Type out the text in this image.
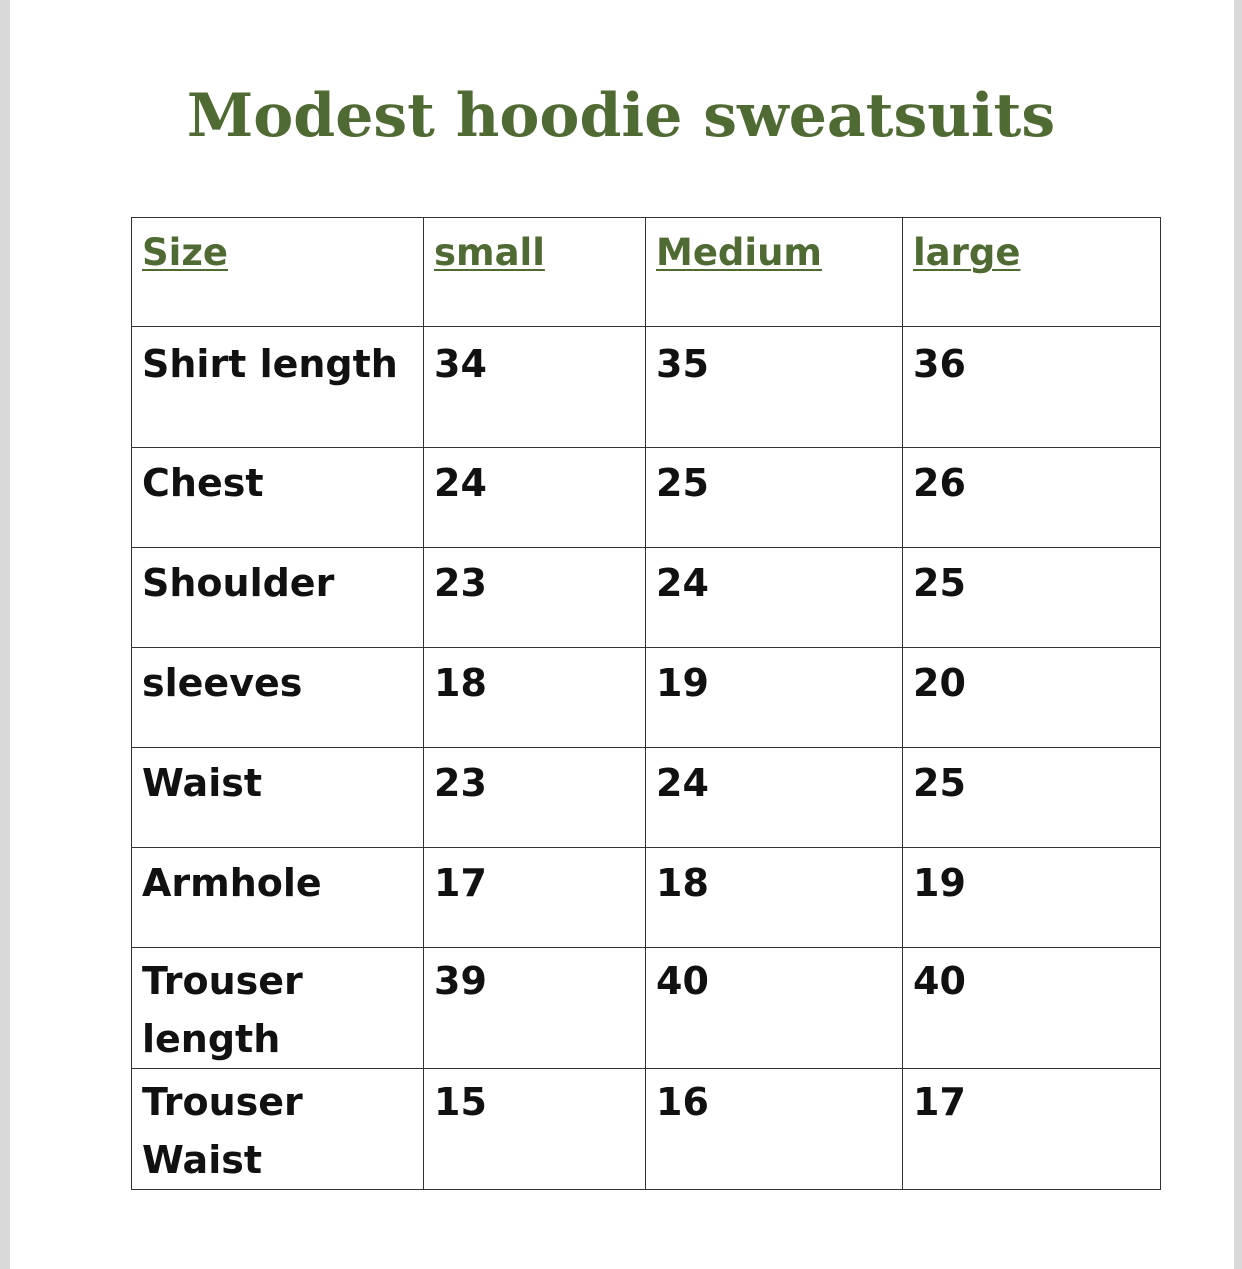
Modest hoodie sweatsuits
Size	small	Medium	large
Shirt length	34	35	36
Chest	24	25	26
Shoulder	23	24	25
sleeves	18	19	20
Waist	23	24	25
Armhole	17	18	19
Trouser length	39	40	40
Trouser Waist	15	16	17
